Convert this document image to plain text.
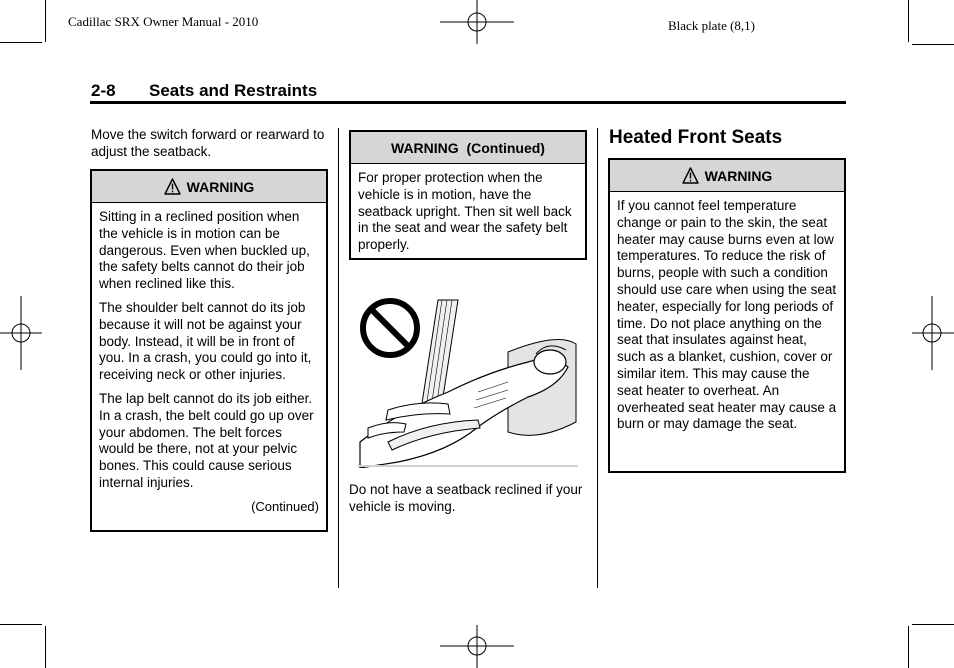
Cadillac SRX Owner Manual - 2010	Black plate (8,1)
2-8 Seats and Restraints
Move the switch forward or rearward to adjust the seatback.
WARNING

Sitting in a reclined position when the vehicle is in motion can be dangerous. Even when buckled up, the safety belts cannot do their job when reclined like this.

The shoulder belt cannot do its job because it will not be against your body. Instead, it will be in front of you. In a crash, you could go into it, receiving neck or other injuries.

The lap belt cannot do its job either. In a crash, the belt could go up over your abdomen. The belt forces would be there, not at your pelvic bones. This could cause serious internal injuries.

(Continued)
WARNING  (Continued)
For proper protection when the vehicle is in motion, have the seatback upright. Then sit well back in the seat and wear the safety belt properly.
Do not have a seatback reclined if your vehicle is moving.
Heated Front Seats
WARNING
If you cannot feel temperature change or pain to the skin, the seat heater may cause burns even at low temperatures. To reduce the risk of burns, people with such a condition should use care when using the seat heater, especially for long periods of time. Do not place anything on the seat that insulates against heat, such as a blanket, cushion, cover or similar item. This may cause the seat heater to overheat. An overheated seat heater may cause a burn or may damage the seat.
